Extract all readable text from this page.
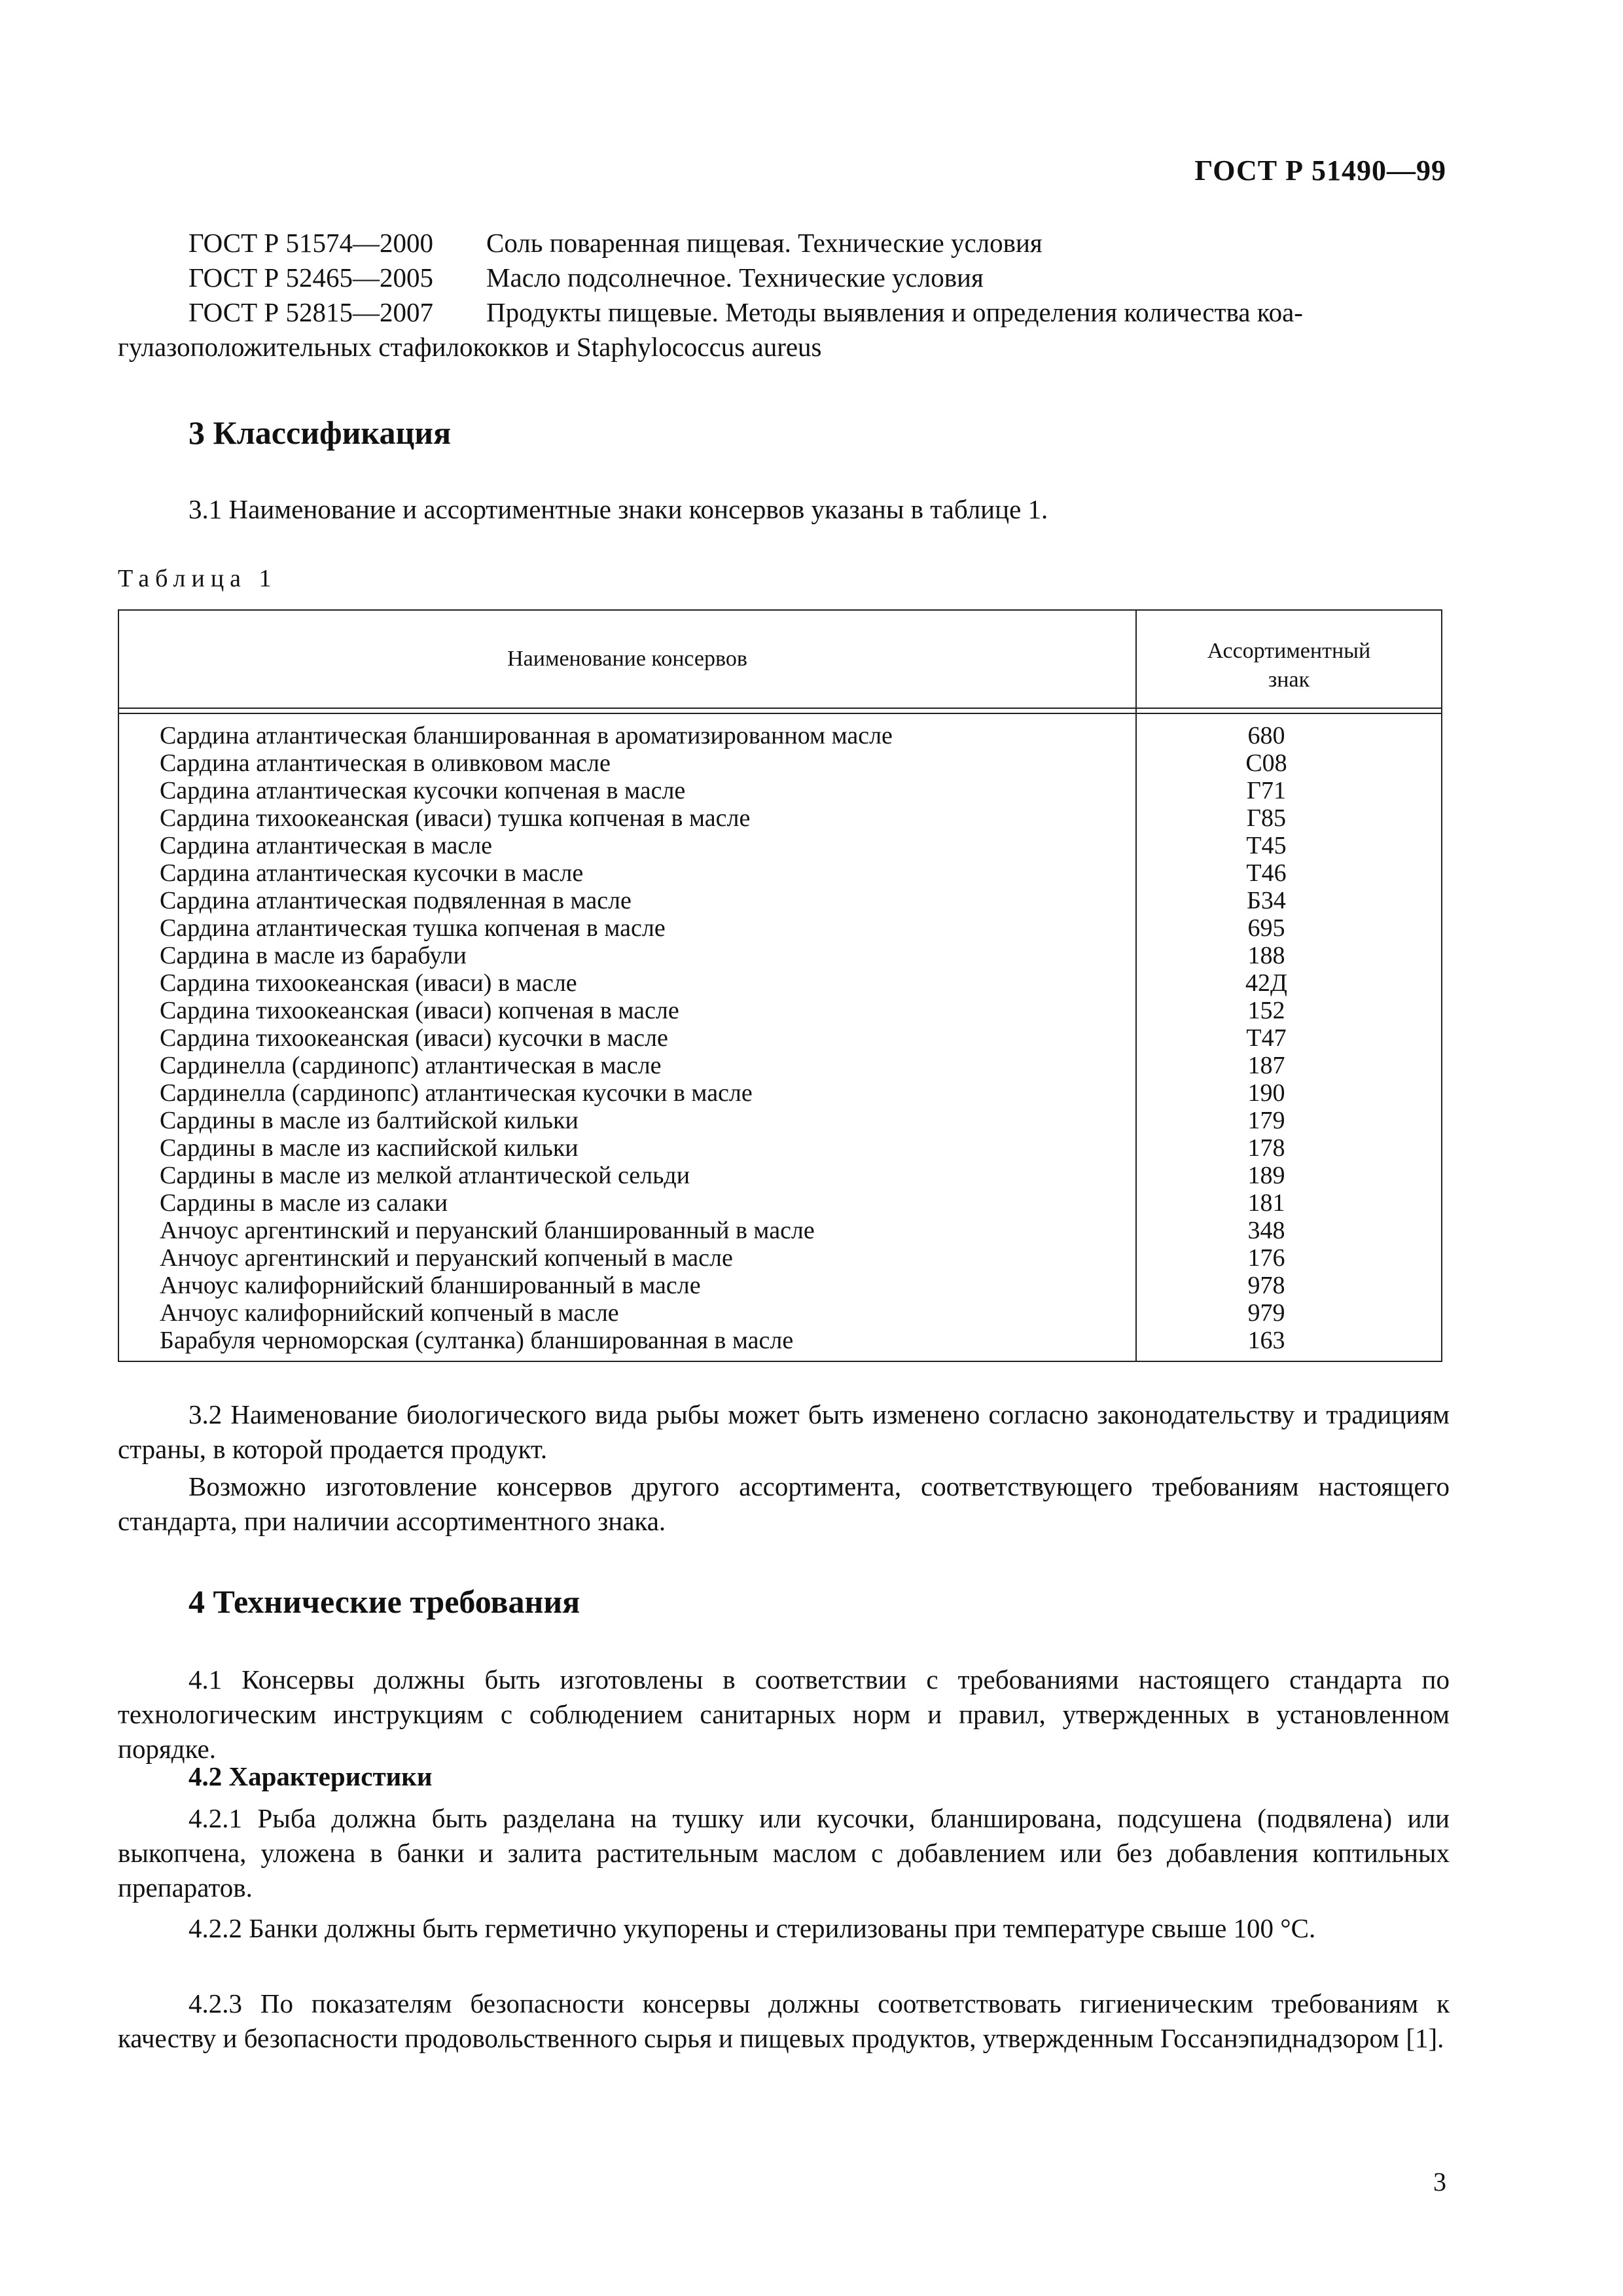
ГОСТ Р 51490—99
ГОСТ Р 51574—2000 Соль поваренная пищевая. Технические условия
ГОСТ Р 52465—2005 Масло подсолнечное. Технические условия
ГОСТ Р 52815—2007 Продукты пищевые. Методы выявления и определения количества коа-
гулазоположительных стафилококков и Staphylococcus aureus
3 Классификация
3.1 Наименование и ассортиментные знаки консервов указаны в таблице 1.
Таблица 1
Наименование консервов	Ассортиментный
знак
Сардина атлантическая бланшированная в ароматизированном масле	680
Сардина атлантическая в оливковом масле	С08
Сардина атлантическая кусочки копченая в масле	Г71
Сардина тихоокеанская (иваси) тушка копченая в масле	Г85
Сардина атлантическая в масле	Т45
Сардина атлантическая кусочки в масле	Т46
Сардина атлантическая подвяленная в масле	Б34
Сардина атлантическая тушка копченая в масле	695
Сардина в масле из барабули	188
Сардина тихоокеанская (иваси) в масле	42Д
Сардина тихоокеанская (иваси) копченая в масле	152
Сардина тихоокеанская (иваси) кусочки в масле	Т47
Сардинелла (сардинопс) атлантическая в масле	187
Сардинелла (сардинопс) атлантическая кусочки в масле	190
Сардины в масле из балтийской кильки	179
Сардины в масле из каспийской кильки	178
Сардины в масле из мелкой атлантической сельди	189
Сардины в масле из салаки	181
Анчоус аргентинский и перуанский бланшированный в масле	348
Анчоус аргентинский и перуанский копченый в масле	176
Анчоус калифорнийский бланшированный в масле	978
Анчоус калифорнийский копченый в масле	979
Барабуля черноморская (султанка) бланшированная в масле	163
3.2 Наименование биологического вида рыбы может быть изменено согласно законодательству и традициям страны, в которой продается продукт.
Возможно изготовление консервов другого ассортимента, соответствующего требованиям настоящего стандарта, при наличии ассортиментного знака.
4 Технические требования
4.1 Консервы должны быть изготовлены в соответствии с требованиями настоящего стандарта по технологическим инструкциям с соблюдением санитарных норм и правил, утвержденных в установленном порядке.
4.2 Характеристики
4.2.1 Рыба должна быть разделана на тушку или кусочки, бланширована, подсушена (подвялена) или выкопчена, уложена в банки и залита растительным маслом с добавлением или без добавления коптильных препаратов.
4.2.2 Банки должны быть герметично укупорены и стерилизованы при температуре свыше 100 °С.
4.2.3 По показателям безопасности консервы должны соответствовать гигиеническим требованиям к качеству и безопасности продовольственного сырья и пищевых продуктов, утвержденным Госсанэпиднадзором [1].
3
